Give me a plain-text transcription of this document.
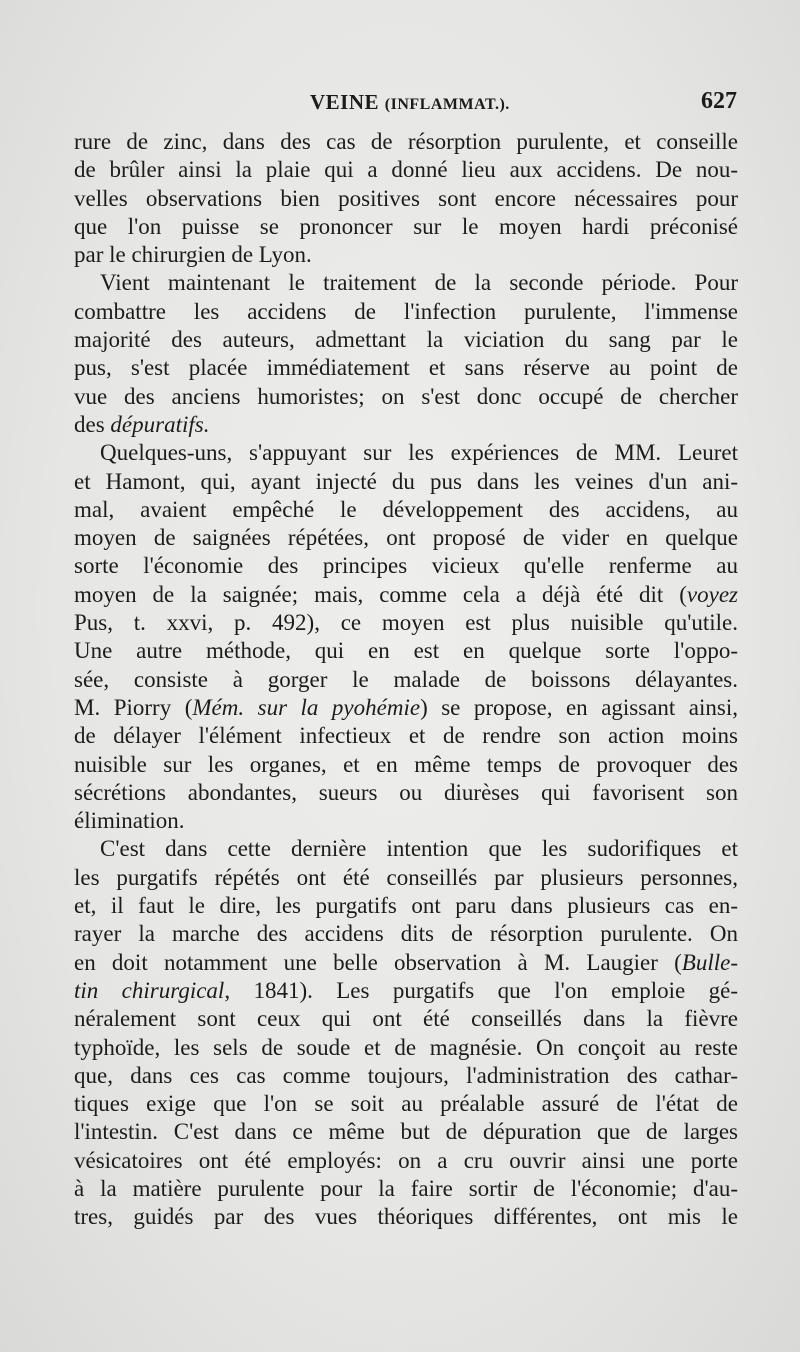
VEINE (INFLAMMAT.).	627
rure de zinc, dans des cas de résorption purulente, et conseille
de brûler ainsi la plaie qui a donné lieu aux accidens. De nou-
velles observations bien positives sont encore nécessaires pour
que l'on puisse se prononcer sur le moyen hardi préconisé
par le chirurgien de Lyon.
Vient maintenant le traitement de la seconde période. Pour
combattre les accidens de l'infection purulente, l'immense
majorité des auteurs, admettant la viciation du sang par le
pus, s'est placée immédiatement et sans réserve au point de
vue des anciens humoristes; on s'est donc occupé de chercher
des dépuratifs.
Quelques-uns, s'appuyant sur les expériences de MM. Leuret
et Hamont, qui, ayant injecté du pus dans les veines d'un ani-
mal, avaient empêché le développement des accidens, au
moyen de saignées répétées, ont proposé de vider en quelque
sorte l'économie des principes vicieux qu'elle renferme au
moyen de la saignée; mais, comme cela a déjà été dit (voyez
Pus, t. xxvi, p. 492), ce moyen est plus nuisible qu'utile.
Une autre méthode, qui en est en quelque sorte l'oppo-
sée, consiste à gorger le malade de boissons délayantes.
M. Piorry (Mém. sur la pyohémie) se propose, en agissant ainsi,
de délayer l'élément infectieux et de rendre son action moins
nuisible sur les organes, et en même temps de provoquer des
sécrétions abondantes, sueurs ou diurèses qui favorisent son
élimination.
C'est dans cette dernière intention que les sudorifiques et
les purgatifs répétés ont été conseillés par plusieurs personnes,
et, il faut le dire, les purgatifs ont paru dans plusieurs cas en-
rayer la marche des accidens dits de résorption purulente. On
en doit notamment une belle observation à M. Laugier (Bulle-
tin chirurgical, 1841). Les purgatifs que l'on emploie gé-
néralement sont ceux qui ont été conseillés dans la fièvre
typhoïde, les sels de soude et de magnésie. On conçoit au reste
que, dans ces cas comme toujours, l'administration des cathar-
tiques exige que l'on se soit au préalable assuré de l'état de
l'intestin. C'est dans ce même but de dépuration que de larges
vésicatoires ont été employés: on a cru ouvrir ainsi une porte
à la matière purulente pour la faire sortir de l'économie; d'au-
tres, guidés par des vues théoriques différentes, ont mis le
